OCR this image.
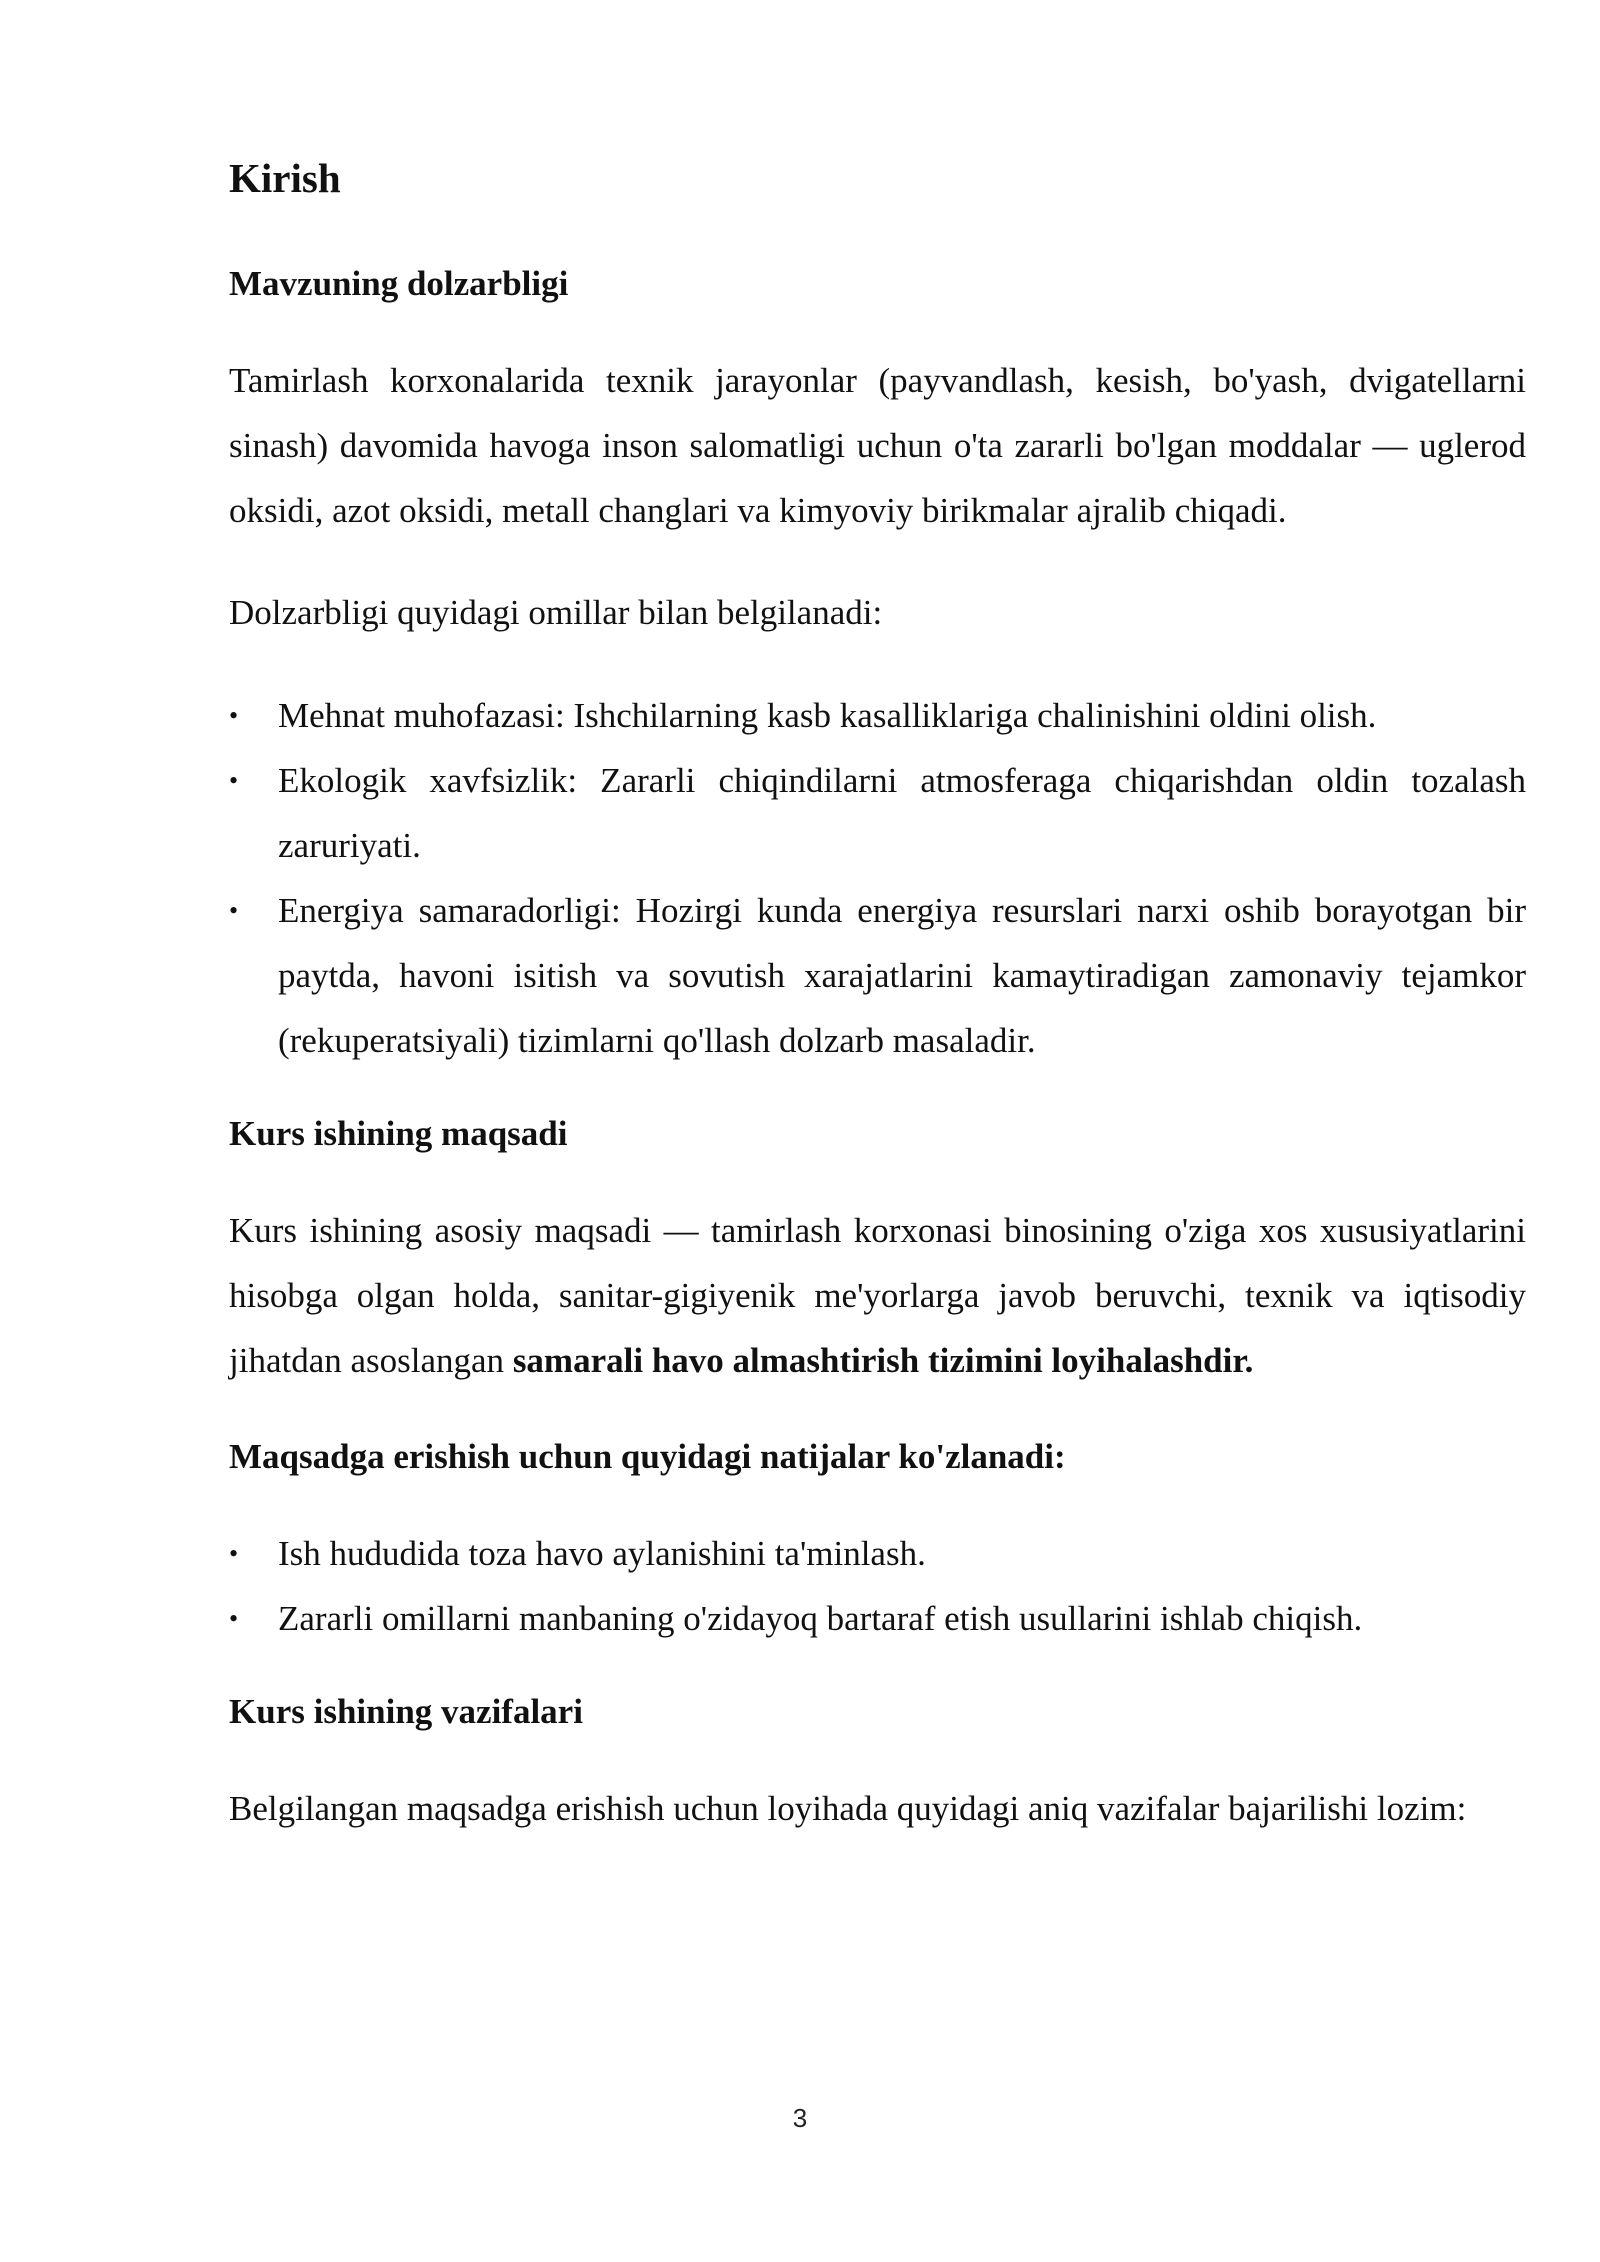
Kirish
Mavzuning dolzarbligi

Tamirlash korxonalarida texnik jarayonlar (payvandlash, kesish, bo'yash, dvigatellarni sinash) davomida havoga inson salomatligi uchun o'ta zararli bo'lgan moddalar — uglerod oksidi, azot oksidi, metall changlari va kimyoviy birikmalar ajralib chiqadi.

Dolzarbligi quyidagi omillar bilan belgilanadi:

•	Mehnat muhofazasi: Ishchilarning kasb kasalliklariga chalinishini oldini olish.
•	Ekologik xavfsizlik: Zararli chiqindilarni atmosferaga chiqarishdan oldin tozalash zaruriyati.
•	Energiya samaradorligi: Hozirgi kunda energiya resurslari narxi oshib borayotgan bir paytda, havoni isitish va sovutish xarajatlarini kamaytiradigan zamonaviy tejamkor (rekuperatsiyali) tizimlarni qo'llash dolzarb masaladir.
Kurs ishining maqsadi

Kurs ishining asosiy maqsadi — tamirlash korxonasi binosining o'ziga xos xususiyatlarini hisobga olgan holda, sanitar-gigiyenik me'yorlarga javob beruvchi, texnik va iqtisodiy jihatdan asoslangan samarali havo almashtirish tizimini loyihalashdir.

Maqsadga erishish uchun quyidagi natijalar ko'zlanadi:
•	Ish hududida toza havo aylanishini ta'minlash.
•	Zararli omillarni manbaning o'zidayoq bartaraf etish usullarini ishlab chiqish.
Kurs ishining vazifalari

Belgilangan maqsadga erishish uchun loyihada quyidagi aniq vazifalar bajarilishi lozim:

3
